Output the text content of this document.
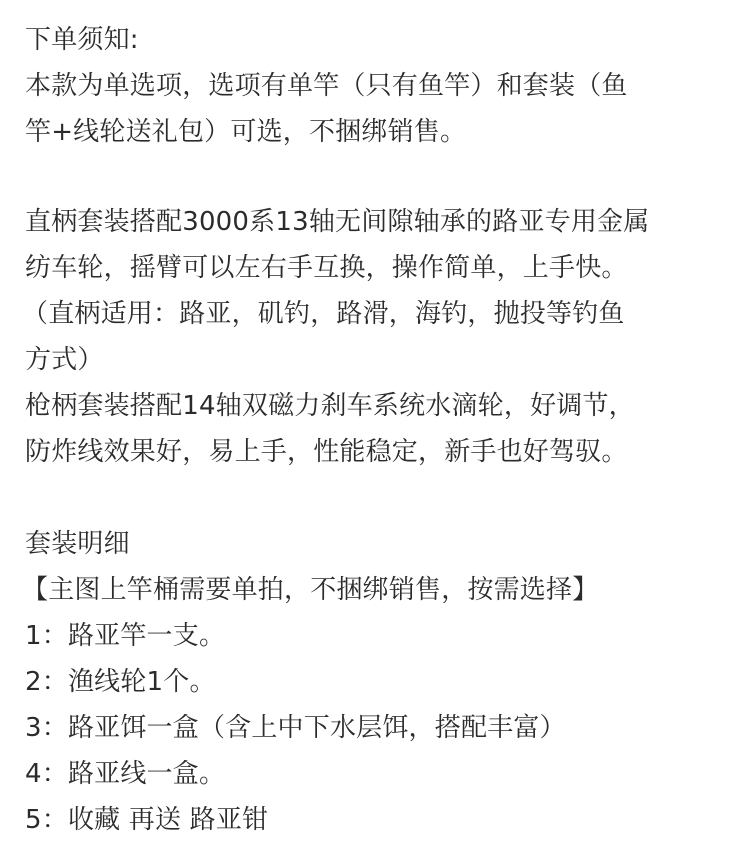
下单须知:
本款为单选项，选项有单竿（只有鱼竿）和套装（鱼
竿+线轮送礼包）可选，不捆绑销售。
直柄套装搭配3000系13轴无间隙轴承的路亚专用金属
纺车轮，摇臂可以左右手互换，操作简单，上手快。
（直柄适用：路亚，矶钓，路滑，海钓，抛投等钓鱼
方式）
枪柄套装搭配14轴双磁力刹车系统水滴轮，好调节，
防炸线效果好，易上手，性能稳定，新手也好驾驭。
套装明细
【主图上竿桶需要单拍，不捆绑销售，按需选择】
1：路亚竿一支。
2：渔线轮1个。
3：路亚饵一盒（含上中下水层饵，搭配丰富）
4：路亚线一盒。
5：收藏 再送 路亚钳
